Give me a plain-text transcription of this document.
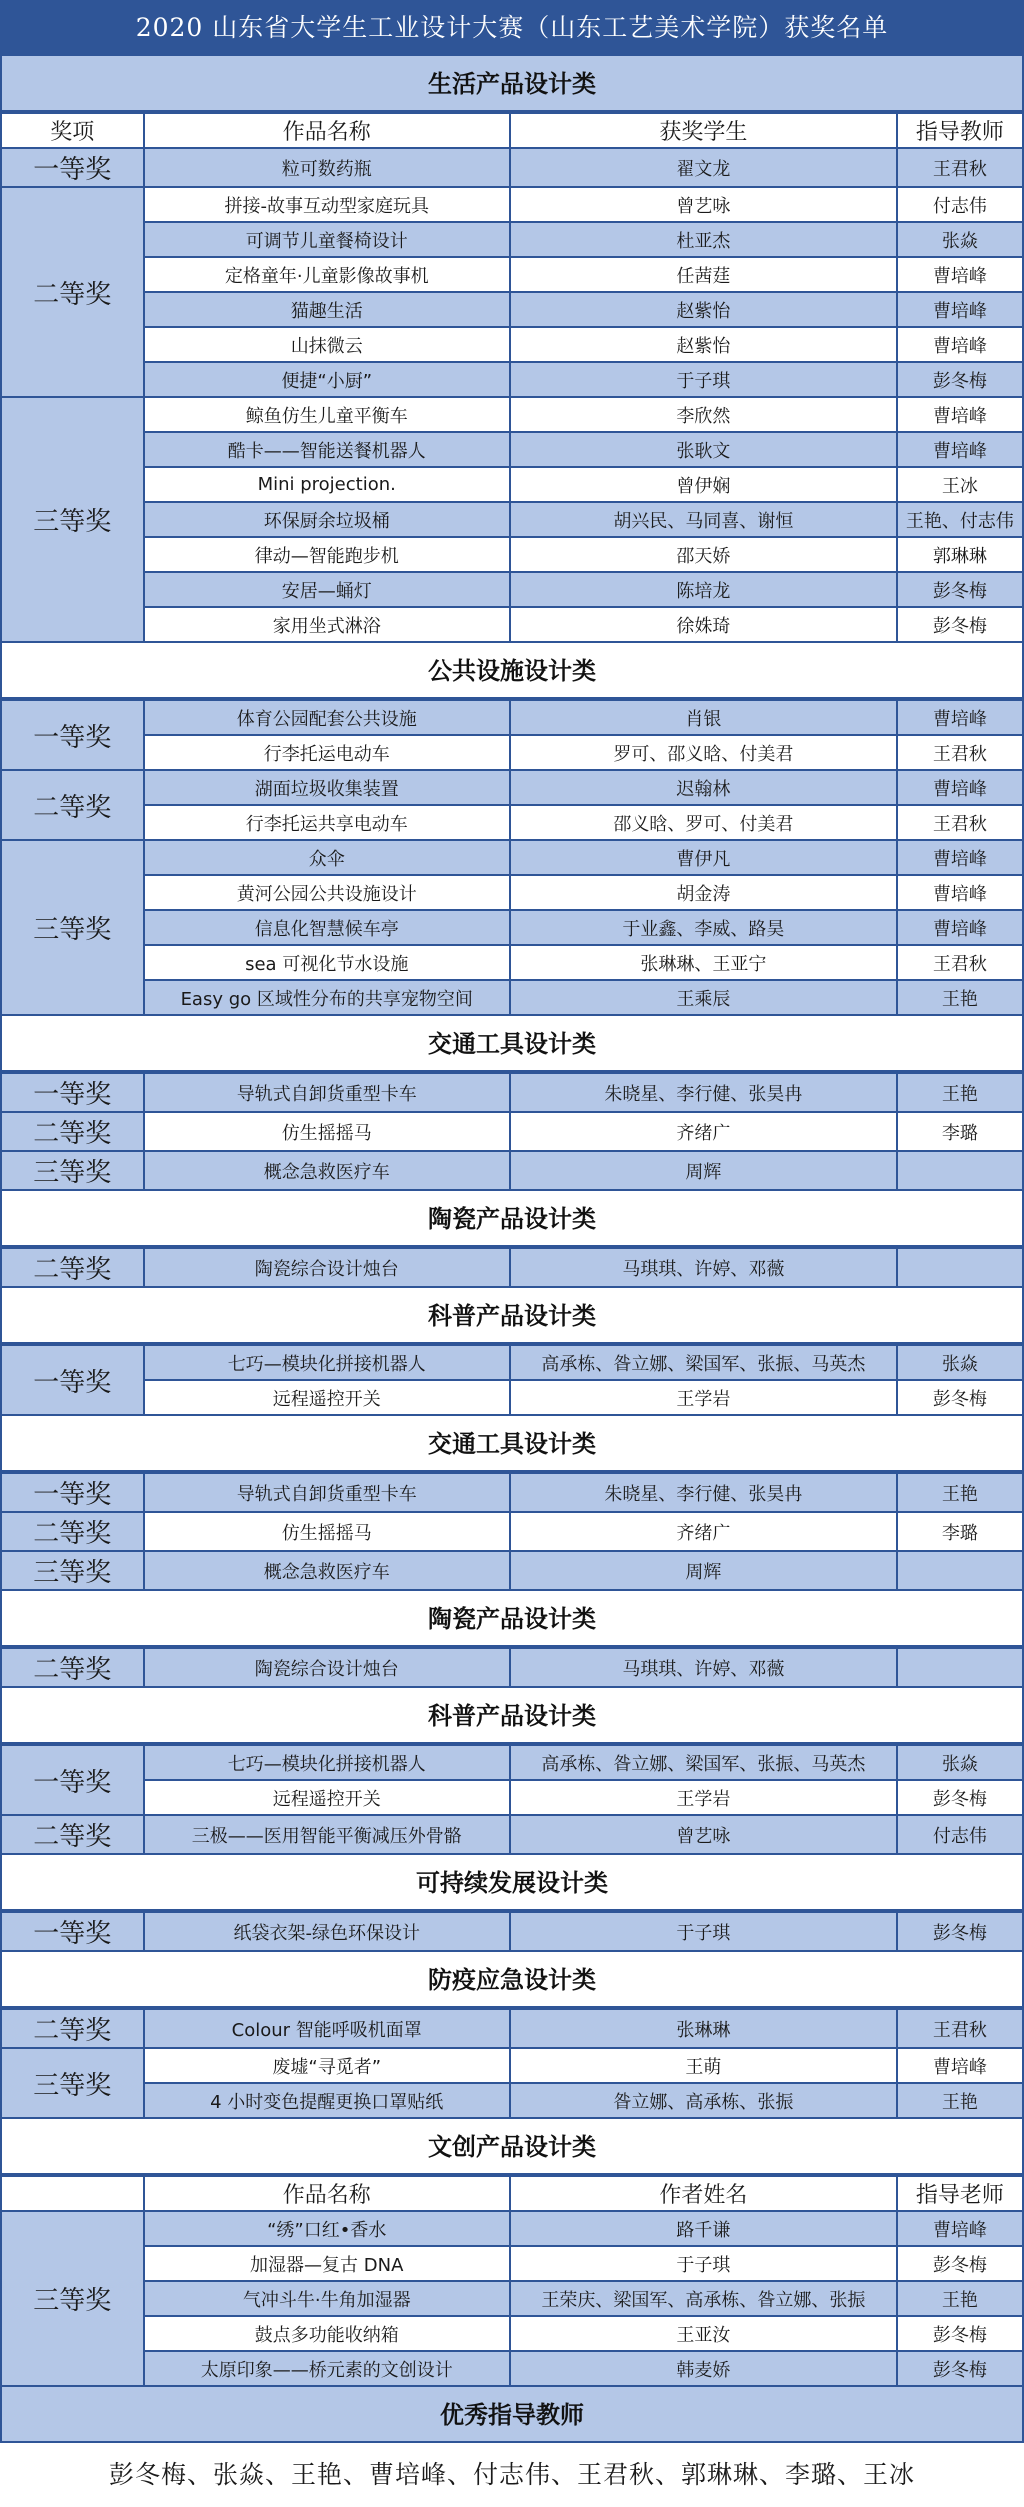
2020 山东省大学生工业设计大赛（山东工艺美术学院）获奖名单
生活产品设计类
奖项	作品名称	获奖学生	指导教师
一等奖	粒可数药瓶	翟文龙	王君秋
二等奖	拼接-故事互动型家庭玩具	曾艺咏	付志伟
	可调节儿童餐椅设计	杜亚杰	张焱
	定格童年·儿童影像故事机	任茜莛	曹培峰
	猫趣生活	赵紫怡	曹培峰
	山抹微云	赵紫怡	曹培峰
	便捷“小厨”	于子琪	彭冬梅
三等奖	鲸鱼仿生儿童平衡车	李欣然	曹培峰
	酷卡——智能送餐机器人	张耿文	曹培峰
	Mini projection.	曾伊娴	王冰
	环保厨余垃圾桶	胡兴民、马同喜、谢恒	王艳、付志伟
	律动—智能跑步机	邵天娇	郭琳琳
	安居—蛹灯	陈培龙	彭冬梅
	家用坐式淋浴	徐姝琦	彭冬梅
公共设施设计类
一等奖	体育公园配套公共设施	肖银	曹培峰
	行李托运电动车	罗可、邵义晗、付美君	王君秋
二等奖	湖面垃圾收集装置	迟翰林	曹培峰
	行李托运共享电动车	邵义晗、罗可、付美君	王君秋
三等奖	众伞	曹伊凡	曹培峰
	黄河公园公共设施设计	胡金涛	曹培峰
	信息化智慧候车亭	于业鑫、李威、路昊	曹培峰
	sea 可视化节水设施	张琳琳、王亚宁	王君秋
	Easy go 区域性分布的共享宠物空间	王乘辰	王艳
交通工具设计类
一等奖	导轨式自卸货重型卡车	朱晓星、李行健、张昊冉	王艳
二等奖	仿生摇摇马	齐绪广	李璐
三等奖	概念急救医疗车	周辉	
陶瓷产品设计类
二等奖	陶瓷综合设计烛台	马琪琪、许婷、邓薇	
科普产品设计类
一等奖	七巧—模块化拼接机器人	高承栋、昝立娜、梁国军、张振、马英杰	张焱
	远程遥控开关	王学岩	彭冬梅
交通工具设计类
一等奖	导轨式自卸货重型卡车	朱晓星、李行健、张昊冉	王艳
二等奖	仿生摇摇马	齐绪广	李璐
三等奖	概念急救医疗车	周辉	
陶瓷产品设计类
二等奖	陶瓷综合设计烛台	马琪琪、许婷、邓薇	
科普产品设计类
一等奖	七巧—模块化拼接机器人	高承栋、昝立娜、梁国军、张振、马英杰	张焱
	远程遥控开关	王学岩	彭冬梅
二等奖	三极——医用智能平衡减压外骨骼	曾艺咏	付志伟
可持续发展设计类
一等奖	纸袋衣架-绿色环保设计	于子琪	彭冬梅
防疫应急设计类
二等奖	Colour 智能呼吸机面罩	张琳琳	王君秋
三等奖	废墟“寻觅者”	王萌	曹培峰
	4 小时变色提醒更换口罩贴纸	昝立娜、高承栋、张振	王艳
文创产品设计类
	作品名称	作者姓名	指导老师
三等奖	“绣”口红•香水	路千谦	曹培峰
	加湿器—复古 DNA	于子琪	彭冬梅
	气冲斗牛·牛角加湿器	王荣庆、梁国军、高承栋、昝立娜、张振	王艳
	鼓点多功能收纳箱	王亚汝	彭冬梅
	太原印象——桥元素的文创设计	韩麦娇	彭冬梅
优秀指导教师
彭冬梅、张焱、王艳、曹培峰、付志伟、王君秋、郭琳琳、李璐、王冰
